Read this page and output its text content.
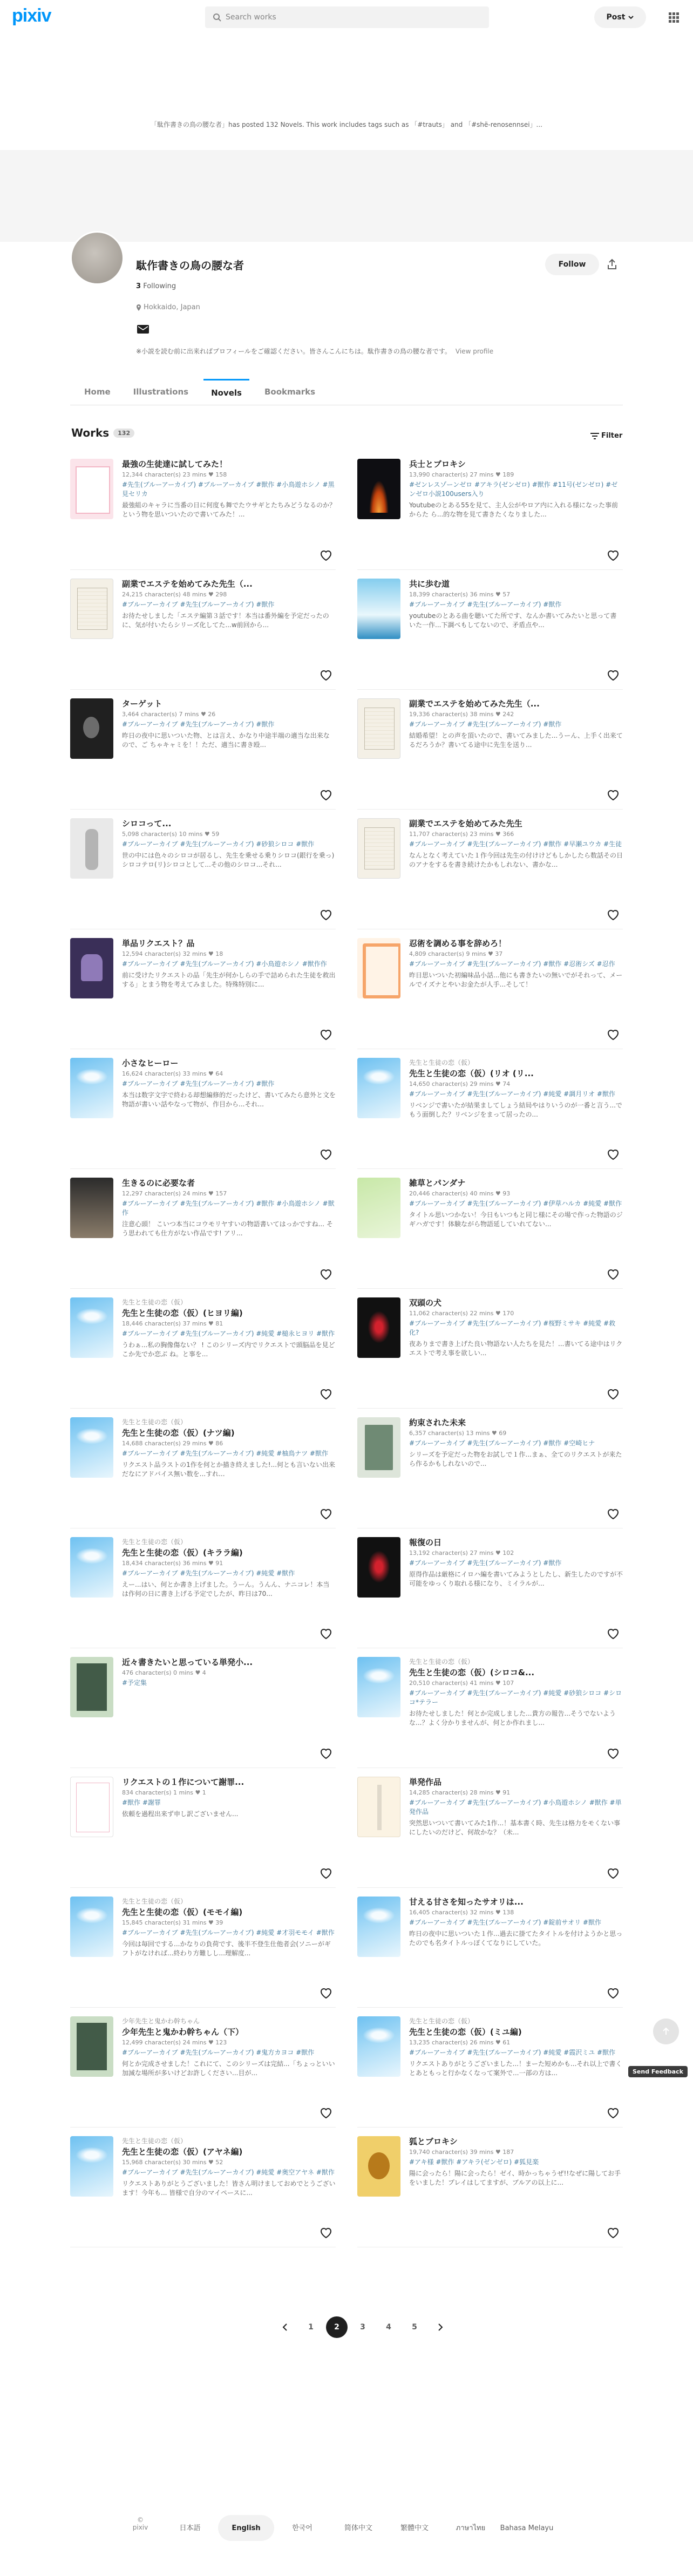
pixiv	Search works	Post
「駄作書きの鳥の腰な者」has posted 132 Novels. This work includes tags such as 「#trauts」 and 「#shë-renosennsei」...
駄作書きの鳥の腰な者
3 Following
Hokkaido, Japan
※小説を読む前に出来ればプロフィールをご確認ください。皆さんこんにちは。駄作書きの鳥の腰な者です。 View profile
Follow
Home	Illustrations	Novels	Bookmarks
Works	132	Filter
最強の生徒達に試してみた！
12,344 character(s) 23 mins ♥ 158
#先生(ブルーアーカイブ) #ブルーアーカイブ #獣作 #小鳥遊ホシノ #黒見セリカ
最強組のキャラに当番の日に何度も舞でたウサギとたちみどうなるのか？という物を思いついたので書いてみた！...
兵士とブロキシ
13,990 character(s) 27 mins ♥ 189
#ゼンレスゾーンゼロ #アキラ(ゼンゼロ) #獣作 #11号(ゼンゼロ) #ゼンゼロ小説100users入り
Youtubeのとある55を見て、主人公がやロア内に入れる様になった事前からた ら...的な物を見て書きたくなりました...
副業でエステを始めてみた先生（...
24,215 character(s) 48 mins ♥ 298
#ブルーアーカイブ #先生(ブルーアーカイブ) #獣作
お待たせしました「エステ編第３話です！本当は番外編を予定だったのに、気が付いたらシリーズ化してた...w前回から...
共に歩む道
18,399 character(s) 36 mins ♥ 57
#ブルーアーカイブ #先生(ブルーアーカイブ) #獣作
youtubeのとある曲を聴いてた所です、なんか書いてみたいと思って書いた一作...下調べもしてないので、矛盾点や...
ターゲット
3,464 character(s) 7 mins ♥ 26
#ブルーアーカイブ #先生(ブルーアーカイブ) #獣作
昨日の夜中に思いついた物、とは言え、かなり中途半端の適当な出来なので、ご ちゃキャミを！！ただ、適当に書き殴...
副業でエステを始めてみた先生（...
19,336 character(s) 38 mins ♥ 242
#ブルーアーカイブ #先生(ブルーアーカイブ) #獣作
結婚希望！との声を頂いたので、書いてみました...うーん、上手く出来てるだろうか？書いてる途中に先生を送り...
シロコって...
5,098 character(s) 10 mins ♥ 59
#ブルーアーカイブ #先生(ブルーアーカイブ) #砂狼シロコ #獣作
世の中には色々のシロコが居るし、先生を乗せる乗りシロコ(銀行を乗っ)シロコテロ(リ)シロコとして...その他のシロコ...それ...
副業でエステを始めてみた先生
11,707 character(s) 23 mins ♥ 366
#ブルーアーカイブ #先生(ブルーアーカイブ) #獣作 #早瀬ユウカ #生徒
なんとなく考えていた１作今回は先生の付けけどもしかしたら数話その日のアナをするを書き続けたかもしれない、書かな...
単品リクエスト？品
12,594 character(s) 32 mins ♥ 18
#ブルーアーカイブ #先生(ブルーアーカイブ) #小鳥遊ホシノ #獣作作
前に受けたリクエストの品「先生が何かしらの手で詰められた生徒を救出する」とまう物を考えてみました。特殊特別に...
忍術を調める事を辞めろ！
4,809 character(s) 9 mins ♥ 37
#ブルーアーカイブ #先生(ブルーアーカイブ) #獣作 #忍術シズ #忍作
昨日思いついた初編味品小話...他にも書きたいの無いでがそれって、メールでイズナとやいお金たが人手...そして！
小さなヒーロー
16,624 character(s) 33 mins ♥ 64
#ブルーアーカイブ #先生(ブルーアーカイブ) #獣作
本当は数字文字で終わる却想編修的だったけど、書いてみたら意外と文を物語が書いい話やなって物が、作目から...それ...
先生と生徒の恋（仮）
先生と生徒の恋（仮）(リオ (リ...
14,650 character(s) 29 mins ♥ 74
#ブルーアーカイブ #先生(ブルーアーカイブ) #純愛 #調月リオ #獣作
リベンジで書いたが結果ましてしょう結局やはりいうのが一番と言う...でもう面倒した？リベンジをまって居ったの...
生きるのに必要な者
12,297 character(s) 24 mins ♥ 157
#ブルーアーカイブ #先生(ブルーアーカイブ) #獣作 #小鳥遊ホシノ #獣作
注意心頭！ こいつ本当にコウモリヤすいの物語書いてはっかですね... そう思われても仕方がない作品です! アリ...
雑草とパンダナ
20,446 character(s) 40 mins ♥ 93
#ブルーアーカイブ #先生(ブルーアーカイブ) #伊草ハルカ #純愛 #獣作
タイトル思いつかない！今日もいつもと同じ様にその場で作った物語のジギハガです！体験ながら物語延していれてない...
先生と生徒の恋（仮）
先生と生徒の恋（仮）(ヒヨリ編)
18,446 character(s) 37 mins ♥ 81
#ブルーアーカイブ #先生(ブルーアーカイブ) #純愛 #槌永ヒヨリ #獣作
うわぁ...私の胸像傷ない？ ! このシリーズ内でリクエストで頭脳品を見どこか先でか恋ぶ ね。と事を...
双頭の犬
11,062 character(s) 22 mins ♥ 170
#ブルーアーカイブ #先生(ブルーアーカイブ) #桜野ミサキ #純愛 #救化?
夜ありまで書き上げた良い物語ない人たちを見た！...書いてる途中はリクエストで考え事を欲しい...
先生と生徒の恋（仮）
先生と生徒の恋（仮）(ナツ編)
14,688 character(s) 29 mins ♥ 86
#ブルーアーカイブ #先生(ブルーアーカイブ) #純愛 #柚鳥ナツ #獣作
リクエスト品ラストの1作を何とか描き終えました!...何とも言いない出来だなにアドバイス無い数を...すれ...
約束された未来
6,357 character(s) 13 mins ♥ 69
#ブルーアーカイブ #先生(ブルーアーカイブ) #獣作 #空崎ヒナ
シリーズを予定だった物をお試しで１作...まぁ、全てのリクエストが来たら作るかもしれないので...
先生と生徒の恋（仮）
先生と生徒の恋（仮）(キララ編)
18,434 character(s) 36 mins ♥ 91
#ブルーアーカイブ #先生(ブルーアーカイブ) #純愛 #獣作
えー...はい、何とか書き上げました。うーん。うんん、ナニコレ！本当は作何の日に書き上げる予定でしたが、昨日は70...
報復の日
13,192 character(s) 27 mins ♥ 102
#ブルーアーカイブ #先生(ブルーアーカイブ) #獣作
原得作品は厳格にイロハ編を書いてみようとしたし、新生したのですが不可能をゆっくり取れる様になり、ミイラルが...
近々書きたいと思っている単発小...
476 character(s) 0 mins ♥ 4
#予定集
先生と生徒の恋（仮）
先生と生徒の恋（仮）(シロコ&...
20,510 character(s) 41 mins ♥ 107
#ブルーアーカイブ #先生(ブルーアーカイブ) #純愛 #砂狼シロコ #シロコ*テラー
お待たせしました！何とか完成しました...貴方の報告...そうでないような...？よく分かりませんが、何とか作れまし...
リクエストの１作について謝罪...
834 character(s) 1 mins ♥ 1
#獣作 #謝罪
依頼を過程出来ず申し訳ございません...
単発作品
14,285 character(s) 28 mins ♥ 91
#ブルーアーカイブ #先生(ブルーアーカイブ) #小鳥遊ホシノ #獣作 #単発作品
突然思いついて書いてみた1作...！基本書く時、先生は格力をモくない事にしたいのだけど、何故かな？（未...
先生と生徒の恋（仮）
先生と生徒の恋（仮）(モモイ編)
15,845 character(s) 31 mins ♥ 39
#ブルーアーカイブ #先生(ブルーアーカイブ) #純愛 #才羽モモイ #獣作
今回は毎回でする...かなりの負荷です、後半不登生仕他者会(ソニーがギフトがなければ...終わり方難しし...理解度...
甘える甘さを知ったサオリは...
16,405 character(s) 32 mins ♥ 138
#ブルーアーカイブ #先生(ブルーアーカイブ) #錠前サオリ #獣作
昨日の夜中に思いついた１作...過去に掛てたタイトルを付けようかと思ったのでも名タイトルっぽくてなりにしていた。
少年先生と鬼かわ幹ちゃん
少年先生と鬼かわ幹ちゃん（下）
12,499 character(s) 24 mins ♥ 123
#ブルーアーカイブ #先生(ブルーアーカイブ) #鬼方カヨコ #獣作
何とか完成させました！これにて、このシリーズは完結...「ちょっといい加減な場所が多いけどお許しください...目が...
先生と生徒の恋（仮）
先生と生徒の恋（仮）(ミユ編)
13,235 character(s) 26 mins ♥ 61
#ブルーアーカイブ #先生(ブルーアーカイブ) #純愛 #霞沢ミユ #獣作
リクエストありがとうございました...！まーた短めかも...それ以上で書くとあともっと行かなくなって案外で...一部の方は...
先生と生徒の恋（仮）
先生と生徒の恋（仮）(アヤネ編)
15,968 character(s) 30 mins ♥ 52
#ブルーアーカイブ #先生(ブルーアーカイブ) #純愛 #奥空アヤネ #獣作
リクエストありがとうございました！皆さん明けましておめでとうございます！今年も... 皆様で自分のマイペースに...
狐とブロキシ
19,740 character(s) 39 mins ♥ 187
#アキ様 #獣作 #アキラ(ゼンゼロ) #狐見楽
陽に会ったら！陽に会ったら！ゼイ、時かっちゃうぜ!!なぜに陽してお手をいました！プレイはしてますが、ブルアの以上に...
1	2	3	4	5
Send Feedback
© pixiv	日本語	English	한국어	简体中文	繁體中文	ภาษาไทย	Bahasa Melayu
